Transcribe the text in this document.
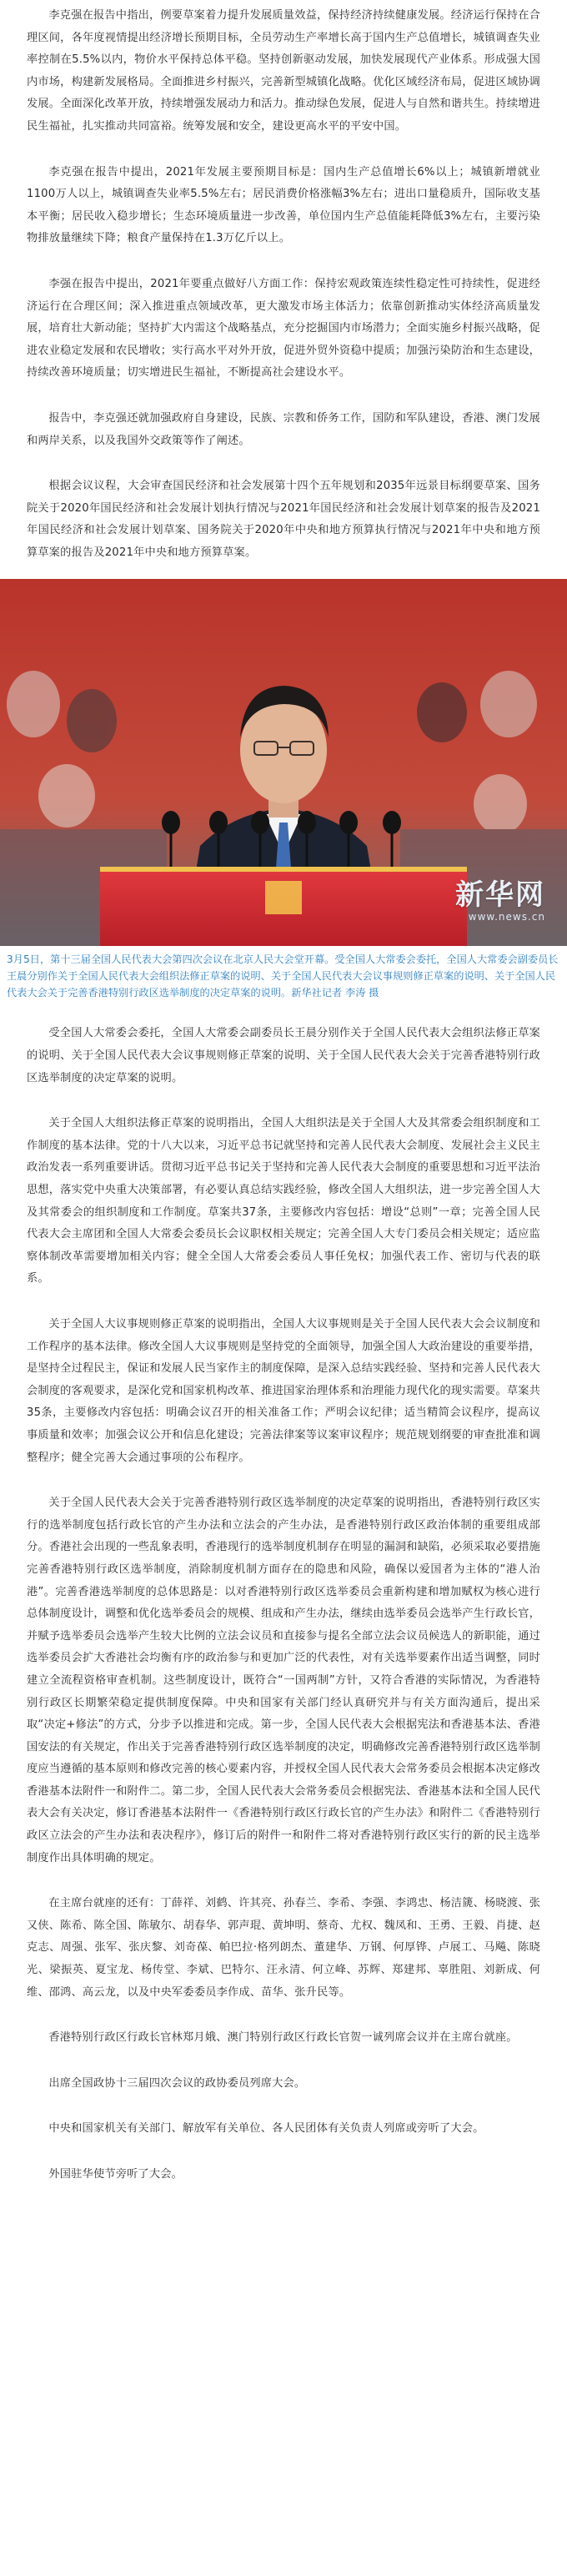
李克强在报告中指出，例要草案着力提升发展质量效益，保持经济持续健康发展。经济运行保持在合理区间，各年度视情提出经济增长预期目标，全员劳动生产率增长高于国内生产总值增长，城镇调查失业率控制在5.5%以内，物价水平保持总体平稳。坚持创新驱动发展，加快发展现代产业体系。形成强大国内市场，构建新发展格局。全面推进乡村振兴，完善新型城镇化战略。优化区域经济布局，促进区域协调发展。全面深化改革开放，持续增强发展动力和活力。推动绿色发展，促进人与自然和谐共生。持续增进民生福祉，扎实推动共同富裕。统筹发展和安全，建设更高水平的平安中国。

李克强在报告中提出，2021年发展主要预期目标是：国内生产总值增长6%以上；城镇新增就业1100万人以上，城镇调查失业率5.5%左右；居民消费价格涨幅3%左右；进出口量稳质升，国际收支基本平衡；居民收入稳步增长；生态环境质量进一步改善，单位国内生产总值能耗降低3%左右，主要污染物排放量继续下降；粮食产量保持在1.3万亿斤以上。

李强在报告中提出，2021年要重点做好八方面工作：保持宏观政策连续性稳定性可持续性，促进经济运行在合理区间；深入推进重点领域改革，更大激发市场主体活力；依靠创新推动实体经济高质量发展，培育壮大新动能；坚持扩大内需这个战略基点，充分挖掘国内市场潜力；全面实施乡村振兴战略，促进农业稳定发展和农民增收；实行高水平对外开放，促进外贸外资稳中提质；加强污染防治和生态建设，持续改善环境质量；切实增进民生福祉，不断提高社会建设水平。

报告中，李克强还就加强政府自身建设，民族、宗教和侨务工作，国防和军队建设，香港、澳门发展和两岸关系，以及我国外交政策等作了阐述。

根据会议议程，大会审查国民经济和社会发展第十四个五年规划和2035年远景目标纲要草案、国务院关于2020年国民经济和社会发展计划执行情况与2021年国民经济和社会发展计划草案的报告及2021年国民经济和社会发展计划草案、国务院关于2020年中央和地方预算执行情况与2021年中央和地方预算草案的报告及2021年中央和地方预算草案。

新华网
www.news.cn
3月5日，第十三届全国人民代表大会第四次会议在北京人民大会堂开幕。受全国人大常委会委托，全国人大常委会副委员长王晨分别作关于全国人民代表大会组织法修正草案的说明、关于全国人民代表大会议事规则修正草案的说明、关于全国人民代表大会关于完善香港特别行政区选举制度的决定草案的说明。新华社记者 李涛 摄

受全国人大常委会委托，全国人大常委会副委员长王晨分别作关于全国人民代表大会组织法修正草案的说明、关于全国人民代表大会议事规则修正草案的说明、关于全国人民代表大会关于完善香港特别行政区选举制度的决定草案的说明。

关于全国人大组织法修正草案的说明指出，全国人大组织法是关于全国人大及其常委会组织制度和工作制度的基本法律。党的十八大以来，习近平总书记就坚持和完善人民代表大会制度、发展社会主义民主政治发表一系列重要讲话。贯彻习近平总书记关于坚持和完善人民代表大会制度的重要思想和习近平法治思想，落实党中央重大决策部署，有必要认真总结实践经验，修改全国人大组织法，进一步完善全国人大及其常委会的组织制度和工作制度。草案共37条，主要修改内容包括：增设“总则”一章；完善全国人民代表大会主席团和全国人大常委会委员长会议职权相关规定；完善全国人大专门委员会相关规定；适应监察体制改革需要增加相关内容；健全全国人大常委会委员人事任免权；加强代表工作、密切与代表的联系。

关于全国人大议事规则修正草案的说明指出，全国人大议事规则是关于全国人民代表大会会议制度和工作程序的基本法律。修改全国人大议事规则是坚持党的全面领导，加强全国人大政治建设的重要举措，是坚持全过程民主，保证和发展人民当家作主的制度保障，是深入总结实践经验、坚持和完善人民代表大会制度的客观要求，是深化党和国家机构改革、推进国家治理体系和治理能力现代化的现实需要。草案共35条，主要修改内容包括：明确会议召开的相关准备工作；严明会议纪律；适当精简会议程序，提高议事质量和效率；加强会议公开和信息化建设；完善法律案等议案审议程序；规范规划纲要的审查批准和调整程序；健全完善大会通过事项的公布程序。

关于全国人民代表大会关于完善香港特别行政区选举制度的决定草案的说明指出，香港特别行政区实行的选举制度包括行政长官的产生办法和立法会的产生办法，是香港特别行政区政治体制的重要组成部分。香港社会出现的一些乱象表明，香港现行的选举制度机制存在明显的漏洞和缺陷，必须采取必要措施完善香港特别行政区选举制度，消除制度机制方面存在的隐患和风险，确保以爱国者为主体的“港人治港”。完善香港选举制度的总体思路是：以对香港特别行政区选举委员会重新构建和增加赋权为核心进行总体制度设计，调整和优化选举委员会的规模、组成和产生办法，继续由选举委员会选举产生行政长官，并赋予选举委员会选举产生较大比例的立法会议员和直接参与提名全部立法会议员候选人的新职能，通过选举委员会扩大香港社会均衡有序的政治参与和更加广泛的代表性，对有关选举要素作出适当调整，同时建立全流程资格审查机制。这些制度设计，既符合“一国两制”方针，又符合香港的实际情况，为香港特别行政区长期繁荣稳定提供制度保障。中央和国家有关部门经认真研究并与有关方面沟通后，提出采取“决定+修法”的方式，分步予以推进和完成。第一步，全国人民代表大会根据宪法和香港基本法、香港国安法的有关规定，作出关于完善香港特别行政区选举制度的决定，明确修改完善香港特别行政区选举制度应当遵循的基本原则和修改完善的核心要素内容，并授权全国人民代表大会常务委员会根据本决定修改香港基本法附件一和附件二。第二步，全国人民代表大会常务委员会根据宪法、香港基本法和全国人民代表大会有关决定，修订香港基本法附件一《香港特别行政区行政长官的产生办法》和附件二《香港特别行政区立法会的产生办法和表决程序》，修订后的附件一和附件二将对香港特别行政区实行的新的民主选举制度作出具体明确的规定。

在主席台就座的还有：丁薛祥、刘鹤、许其亮、孙春兰、李希、李强、李鸿忠、杨洁篪、杨晓渡、张又侠、陈希、陈全国、陈敏尔、胡春华、郭声琨、黄坤明、蔡奇、尤权、魏凤和、王勇、王毅、肖捷、赵克志、周强、张军、张庆黎、刘奇葆、帕巴拉·格列朗杰、董建华、万钢、何厚铧、卢展工、马飚、陈晓光、梁振英、夏宝龙、杨传堂、李斌、巴特尔、汪永清、何立峰、苏辉、郑建邦、辜胜阻、刘新成、何维、邵鸿、高云龙，以及中央军委委员李作成、苗华、张升民等。

香港特别行政区行政长官林郑月娥、澳门特别行政区行政长官贺一诚列席会议并在主席台就座。

出席全国政协十三届四次会议的政协委员列席大会。

中央和国家机关有关部门、解放军有关单位、各人民团体有关负责人列席或旁听了大会。

外国驻华使节旁听了大会。
